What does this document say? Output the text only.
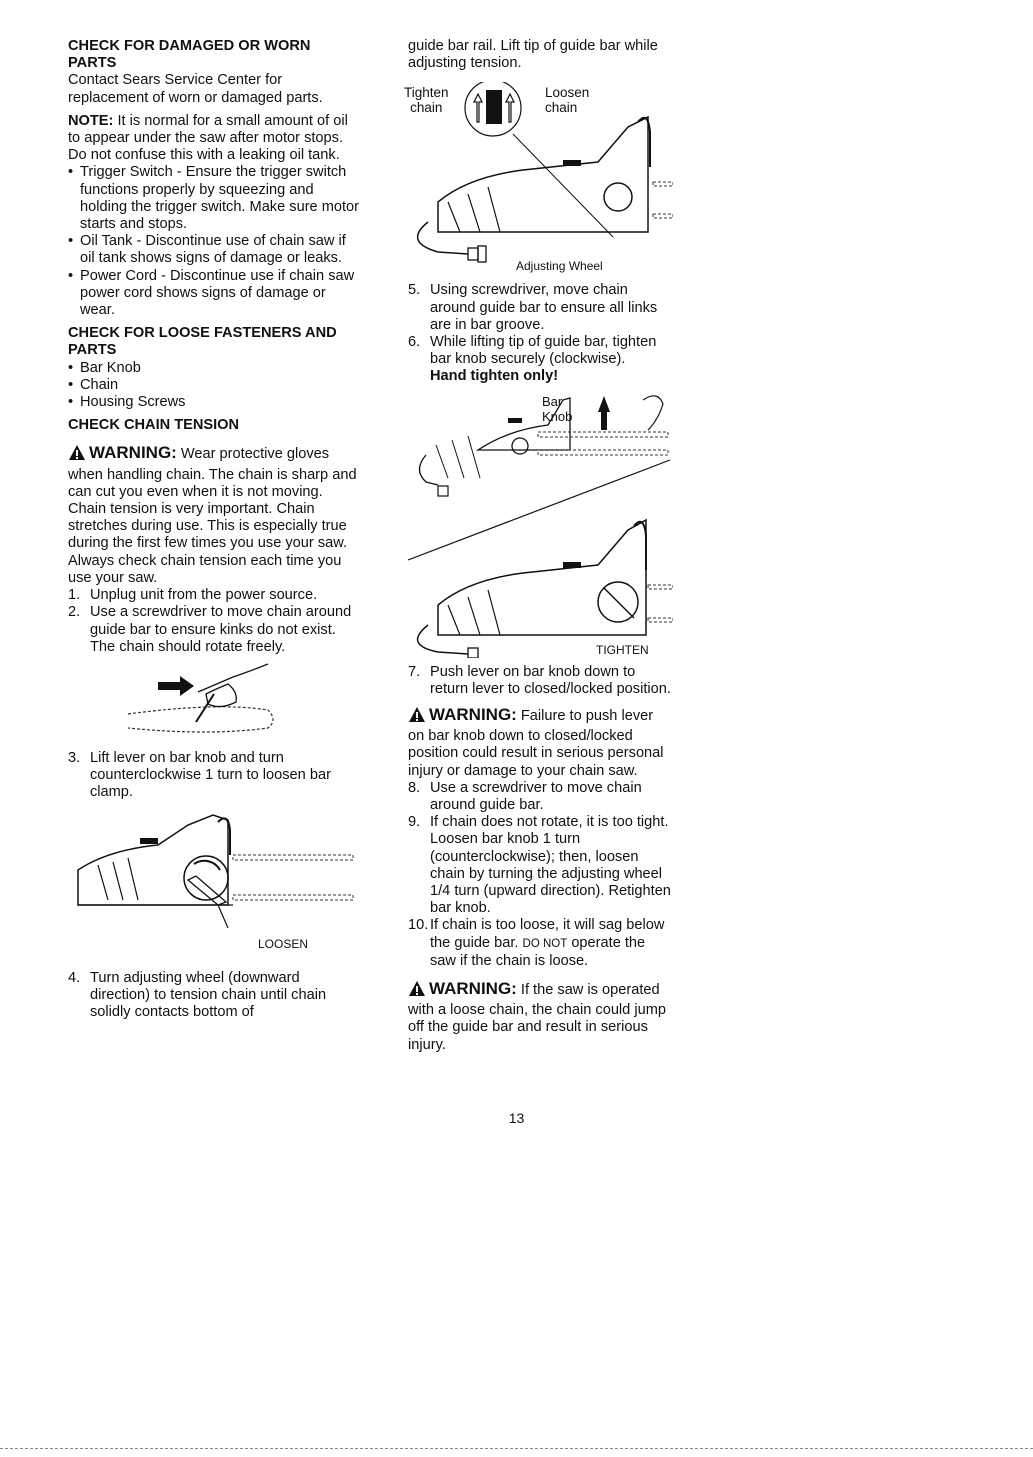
CHECK FOR DAMAGED OR WORN PARTS

Contact Sears Service Center for replacement of worn or damaged parts.

NOTE: It is normal for a small amount of oil to appear under the saw after motor stops. Do not confuse this with a leaking oil tank.

• Trigger Switch - Ensure the trigger switch functions properly by squeezing and holding the trigger switch. Make sure motor starts and stops.
• Oil Tank - Discontinue use of chain saw if oil tank shows signs of damage or leaks.
• Power Cord - Discontinue use if chain saw power cord shows signs of damage or wear.

CHECK FOR LOOSE FASTENERS AND PARTS

• Bar Knob
• Chain
• Housing Screws

CHECK CHAIN TENSION

WARNING: Wear protective gloves when handling chain. The chain is sharp and can cut you even when it is not moving.

Chain tension is very important. Chain stretches during use. This is especially true during the first few times you use your saw. Always check chain tension each time you use your saw.

1. Unplug unit from the power source.
2. Use a screwdriver to move chain around guide bar to ensure kinks do not exist. The chain should rotate freely.
3. Lift lever on bar knob and turn counterclockwise 1 turn to loosen bar clamp.
LOOSEN
4. Turn adjusting wheel (downward direction) to tension chain until chain solidly contacts bottom of

guide bar rail. Lift tip of guide bar while adjusting tension.

Tighten
chain
Loosen
chain
Adjusting Wheel
5. Using screwdriver, move chain around guide bar to ensure all links are in bar groove.
6. While lifting tip of guide bar, tighten bar knob securely (clockwise).

Hand tighten only!

Bar
Knob
TIGHTEN
7. Push lever on bar knob down to return lever to closed/locked position.

WARNING: Failure to push lever on bar knob down to closed/locked position could result in serious personal injury or damage to your chain saw.

8. Use a screwdriver to move chain around guide bar.
9. If chain does not rotate, it is too tight. Loosen bar knob 1 turn (counterclockwise); then, loosen chain by turning the adjusting wheel 1/4 turn (upward direction). Retighten bar knob.
10. If chain is too loose, it will sag below the guide bar. DO NOT operate the saw if the chain is loose.

WARNING: If the saw is operated with a loose chain, the chain could jump off the guide bar and result in serious injury.

13
